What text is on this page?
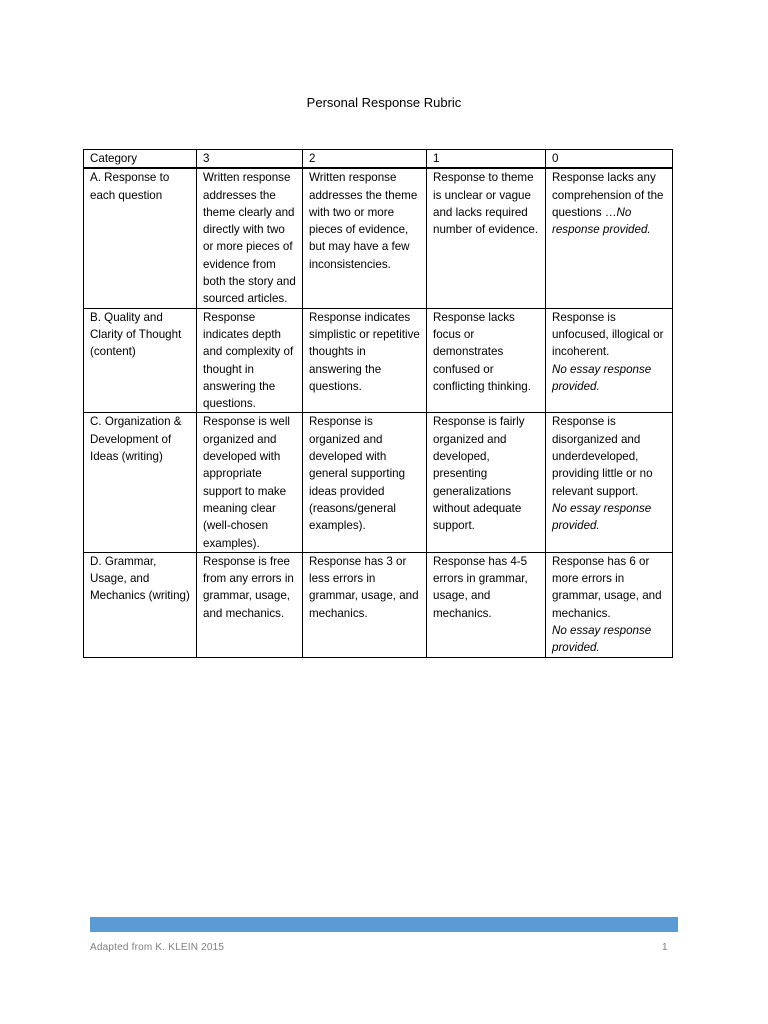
Personal Response Rubric
Category	3	2	1	0
A. Response to each question	Written response addresses the theme clearly and directly with two or more pieces of evidence from both the story and sourced articles.	Written response addresses the theme with two or more pieces of evidence, but may have a few inconsistencies.	Response to theme is unclear or vague and lacks required number of evidence.	Response lacks any comprehension of the questions …No response provided.
B. Quality and Clarity of Thought (content)	Response indicates depth and complexity of thought in answering the questions.	Response indicates simplistic or repetitive thoughts in answering the questions.	Response lacks focus or demonstrates confused or conflicting thinking.	Response is unfocused, illogical or incoherent.
No essay response provided.
C. Organization & Development of Ideas (writing)	Response is well organized and developed with appropriate support to make meaning clear (well-chosen examples).	Response is organized and developed with general supporting ideas provided (reasons/general examples).	Response is fairly organized and developed, presenting generalizations without adequate support.	Response is disorganized and underdeveloped, providing little or no relevant support.
No essay response provided.
D. Grammar, Usage, and Mechanics (writing)	Response is free from any errors in grammar, usage, and mechanics.	Response has 3 or less errors in grammar, usage, and mechanics.	Response has 4-5 errors in grammar, usage, and mechanics.	Response has 6 or more errors in grammar, usage, and mechanics.
No essay response provided.
Adapted from K. KLEIN 2015	1
